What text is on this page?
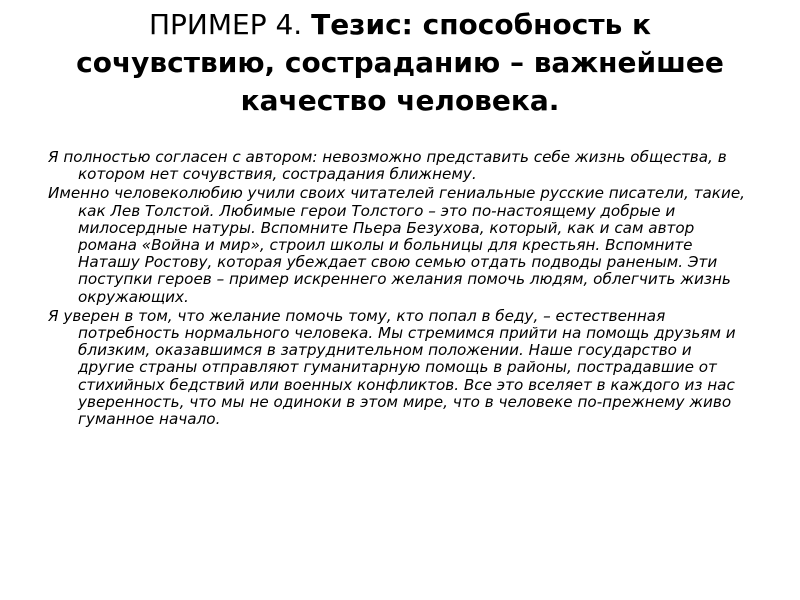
ПРИМЕР 4. Тезис: способность к сочувствию, состраданию – важнейшее качество человека.

Я полностью согласен с автором: невозможно представить себе жизнь общества, в котором нет сочувствия, сострадания ближнему.

Именно человеколюбию учили своих читателей гениальные русские писатели, такие, как Лев Толстой. Любимые герои Толстого – это по-настоящему добрые и милосердные натуры. Вспомните Пьера Безухова, который, как и сам автор романа «Война и мир», строил школы и больницы для крестьян. Вспомните Наташу Ростову, которая убеждает свою семью отдать подводы раненым. Эти поступки героев – пример искреннего желания помочь людям, облегчить жизнь окружающих.

Я уверен в том, что желание помочь тому, кто попал в беду, – естественная потребность нормального человека. Мы стремимся прийти на помощь друзьям и близким, оказавшимся в затруднительном положении. Наше государство и другие страны отправляют гуманитарную помощь в районы, пострадавшие от стихийных бедствий или военных конфликтов. Все это вселяет в каждого из нас уверенность, что мы не одиноки в этом мире, что в человеке по-прежнему живо гуманное начало.
